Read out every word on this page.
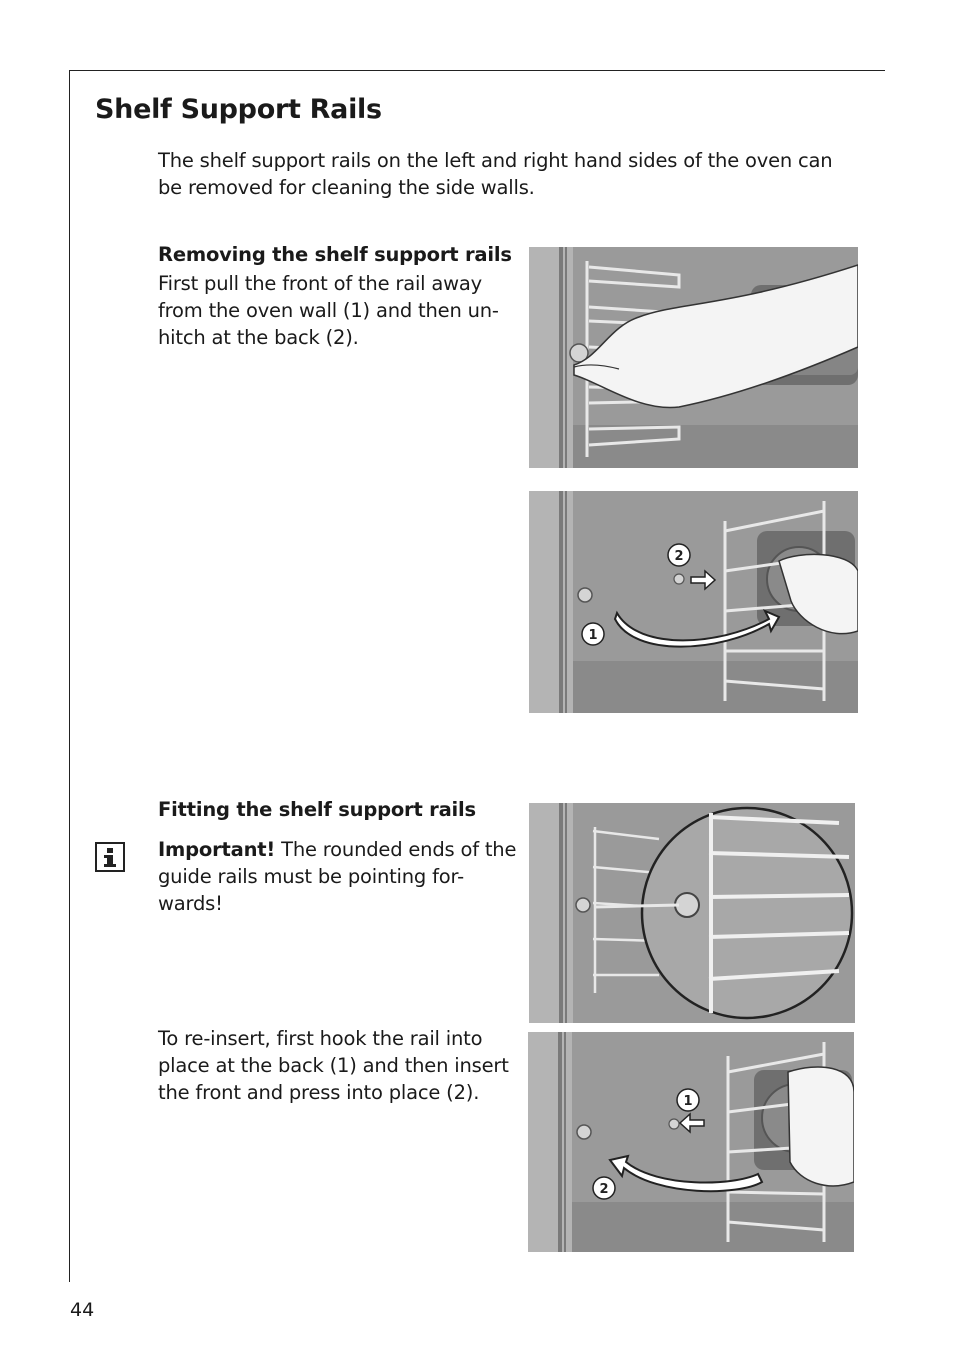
Shelf Support Rails

The shelf support rails on the left and right hand sides of the oven can be removed for cleaning the side walls.

Removing the shelf support rails

First pull the front of the rail away from the oven wall (1) and then un-hitch at the back (2).

2
1

Fitting the shelf support rails

Important! The rounded ends of the guide rails must be pointing for-wards!

To re-insert, first hook the rail into place at the back (1) and then insert the front and press into place (2).	1
2
44
